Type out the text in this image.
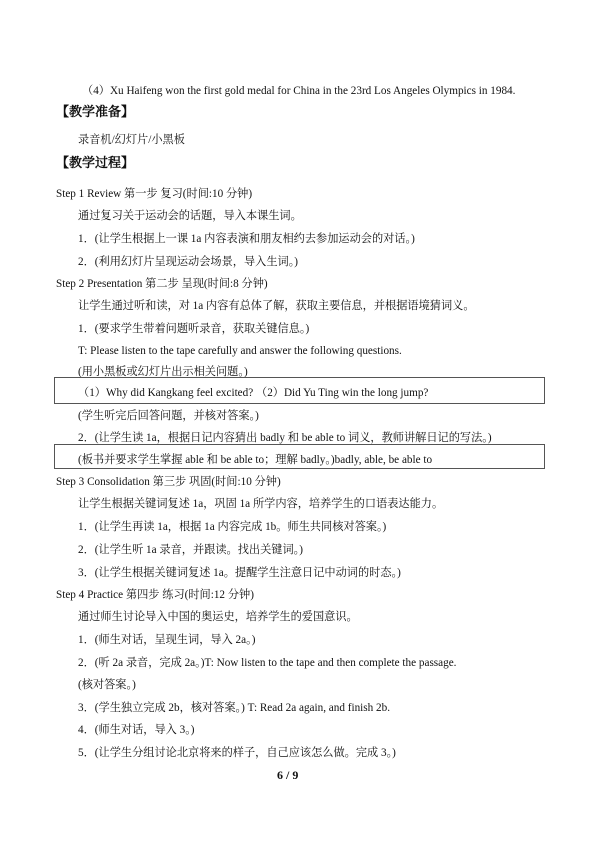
（4）Xu Haifeng won the first gold medal for China in the 23rd Los Angeles Olympics in 1984.
【教学准备】
录音机/幻灯片/小黑板
【教学过程】
Step 1 Review 第一步 复习(时间:10 分钟)
通过复习关于运动会的话题，导入本课生词。
1．(让学生根据上一课 1a 内容表演和朋友相约去参加运动会的对话。)
2．(利用幻灯片呈现运动会场景，导入生词。)
Step 2 Presentation 第二步 呈现(时间:8 分钟)
让学生通过听和读，对 1a 内容有总体了解，获取主要信息，并根据语境猜词义。
1．(要求学生带着问题听录音，获取关键信息。)
T: Please listen to the tape carefully and answer the following questions.
(用小黑板或幻灯片出示相关问题。)
（1）Why did Kangkang feel excited? （2）Did Yu Ting win the long jump?
(学生听完后回答问题，并核对答案。)
2．(让学生读 1a，根据日记内容猜出 badly 和 be able to 词义，教师讲解日记的写法。)
(板书并要求学生掌握 able 和 be able to；理解 badly。)badly, able, be able to
Step 3 Consolidation 第三步 巩固(时间:10 分钟)
让学生根据关键词复述 1a，巩固 1a 所学内容，培养学生的口语表达能力。
1．(让学生再读 1a，根据 1a 内容完成 1b。师生共同核对答案。)
2．(让学生听 1a 录音，并跟读。找出关键词。)
3．(让学生根据关键词复述 1a。提醒学生注意日记中动词的时态。)
Step 4 Practice 第四步 练习(时间:12 分钟)
通过师生讨论导入中国的奥运史，培养学生的爱国意识。
1．(师生对话，呈现生词，导入 2a。)
2．(听 2a 录音，完成 2a。)T: Now listen to the tape and then complete the passage.
(核对答案。)
3．(学生独立完成 2b，核对答案。) T: Read 2a again, and finish 2b.
4．(师生对话，导入 3。)
5．(让学生分组讨论北京将来的样子，自己应该怎么做。完成 3。)
6 / 9
